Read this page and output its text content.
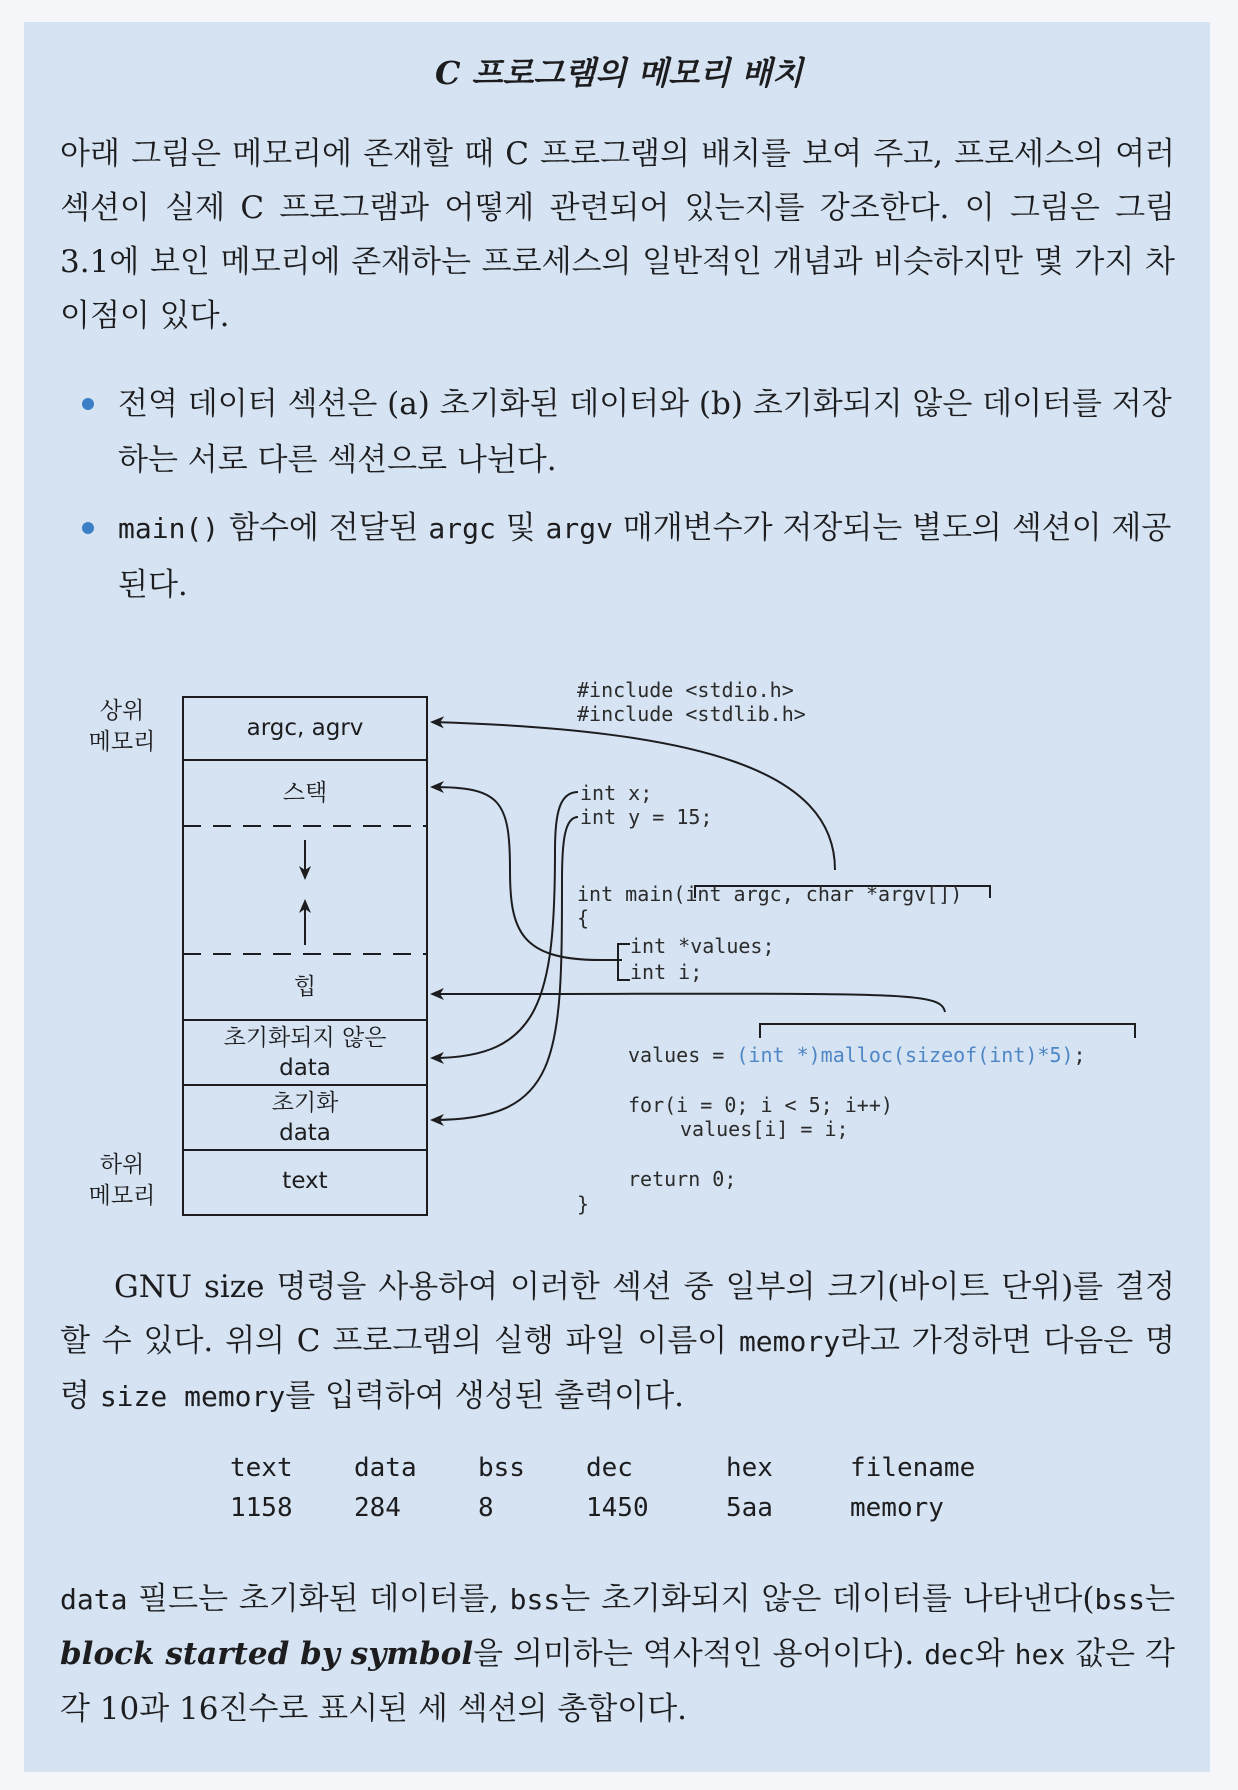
C 프로그램의 메모리 배치

아래 그림은 메모리에 존재할 때 C 프로그램의 배치를 보여 주고, 프로세스의 여러 섹션이 실제 C 프로그램과 어떻게 관련되어 있는지를 강조한다. 이 그림은 그림 3.1에 보인 메모리에 존재하는 프로세스의 일반적인 개념과 비슷하지만 몇 가지 차이점이 있다.

전역 데이터 섹션은 (a) 초기화된 데이터와 (b) 초기화되지 않은 데이터를 저장하는 서로 다른 섹션으로 나뉜다.
main() 함수에 전달된 argc 및 argv 매개변수가 저장되는 별도의 섹션이 제공된다.
상위
메모리
하위
메모리
argc, agrv
스택
힙
초기화되지 않은
data
초기화
data
text
#include <stdio.h>
#include <stdlib.h>
int x;
int y = 15;
int main(int argc, char *argv[])
{
int *values;
int i;
values = (int *)malloc(sizeof(int)*5);
for(i = 0; i < 5; i++)
values[i] = i;
return 0;
}

GNU size 명령을 사용하여 이러한 섹션 중 일부의 크기(바이트 단위)를 결정할 수 있다. 위의 C 프로그램의 실행 파일 이름이 memory라고 가정하면 다음은 명령 size memory를 입력하여 생성된 출력이다.

text	data	bss	dec	hex	filename
1158	284	8	1450	5aa	memory

data 필드는 초기화된 데이터를, bss는 초기화되지 않은 데이터를 나타낸다(bss는 block started by symbol을 의미하는 역사적인 용어이다). dec와 hex 값은 각각 10과 16진수로 표시된 세 섹션의 총합이다.
